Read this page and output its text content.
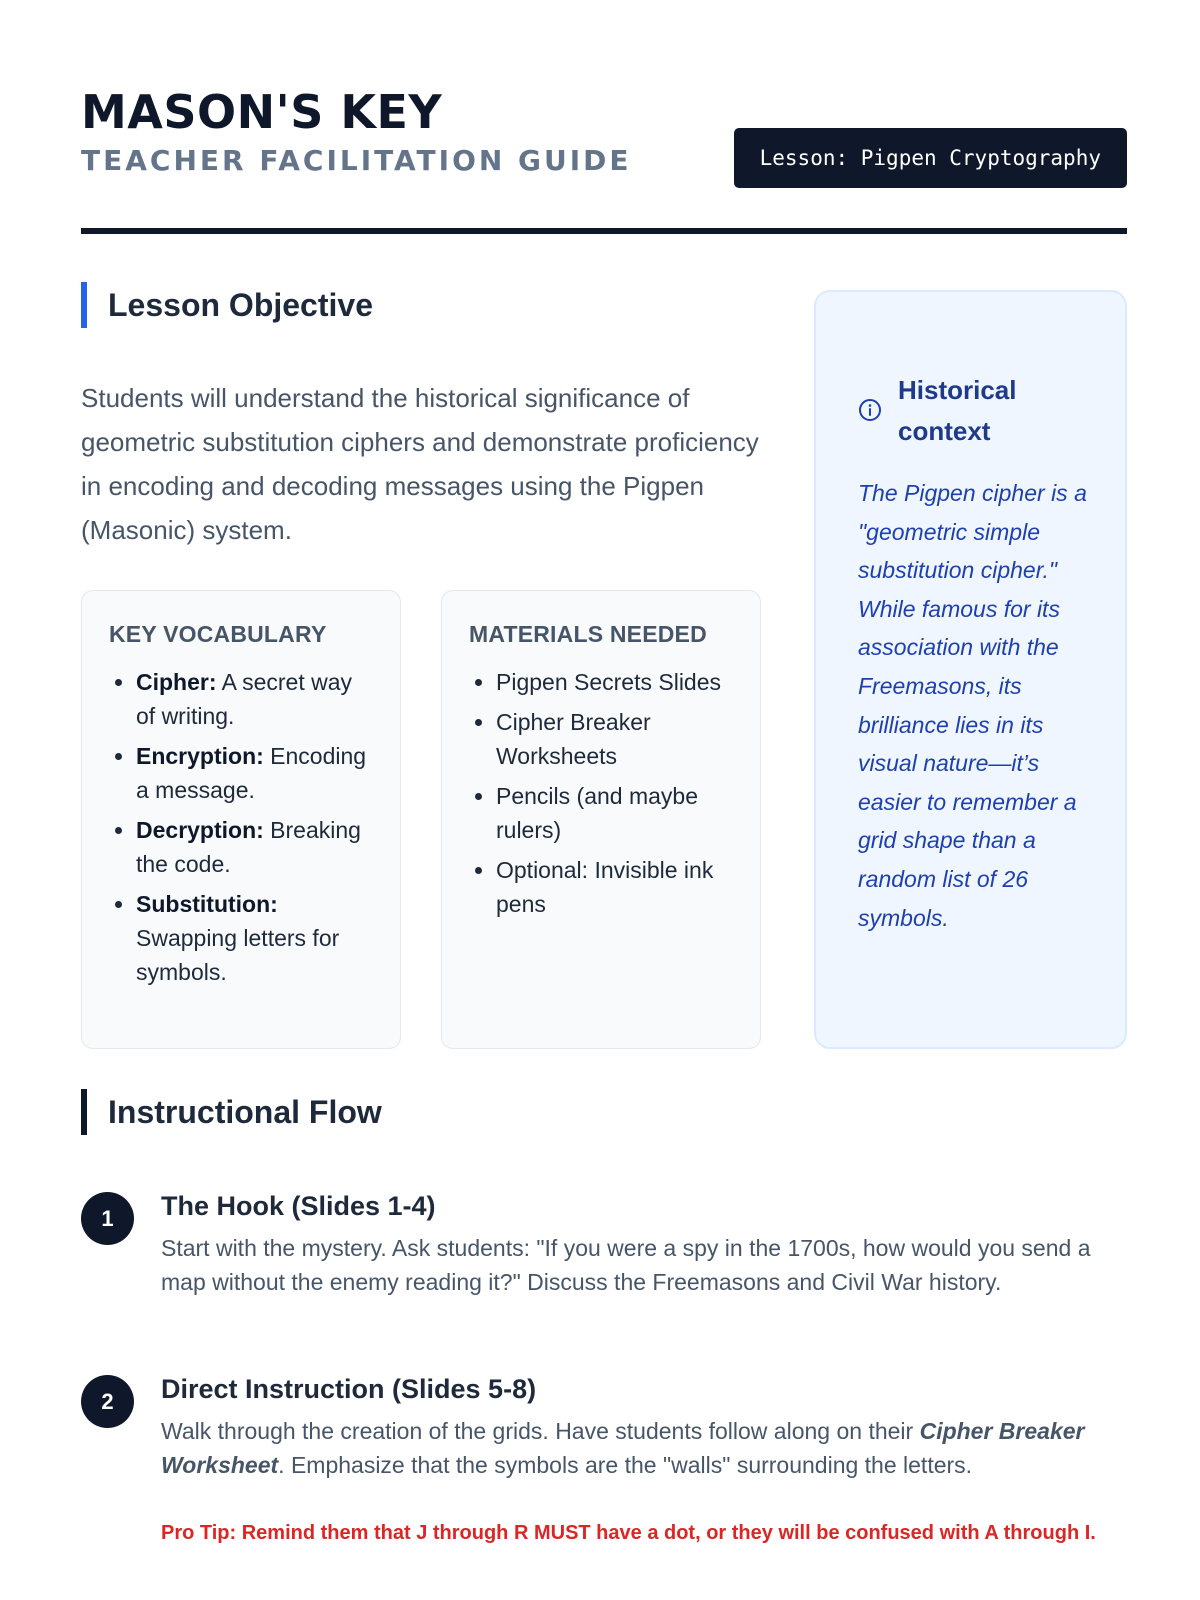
MASON'S KEY
TEACHER FACILITATION GUIDE	Lesson: Pigpen Cryptography
Lesson Objective

Students will understand the historical significance of geometric substitution ciphers and demonstrate proficiency in encoding and decoding messages using the Pigpen (Masonic) system.

KEY VOCABULARY
• Cipher: A secret way of writing.
• Encryption: Encoding a message.
• Decryption: Breaking the code.
• Substitution: Swapping letters for symbols.
MATERIALS NEEDED
• Pigpen Secrets Slides
• Cipher Breaker Worksheets
• Pencils (and maybe rulers)
• Optional: Invisible ink pens
Historical context

The Pigpen cipher is a "geometric simple substitution cipher." While famous for its association with the Freemasons, its brilliance lies in its visual nature—it’s easier to remember a grid shape than a random list of 26 symbols.

Instructional Flow
1	The Hook (Slides 1-4)

Start with the mystery. Ask students: "If you were a spy in the 1700s, how would you send a map without the enemy reading it?" Discuss the Freemasons and Civil War history.

2	Direct Instruction (Slides 5-8)

Walk through the creation of the grids. Have students follow along on their Cipher Breaker Worksheet. Emphasize that the symbols are the "walls" surrounding the letters.

Pro Tip: Remind them that J through R MUST have a dot, or they will be confused with A through I.
